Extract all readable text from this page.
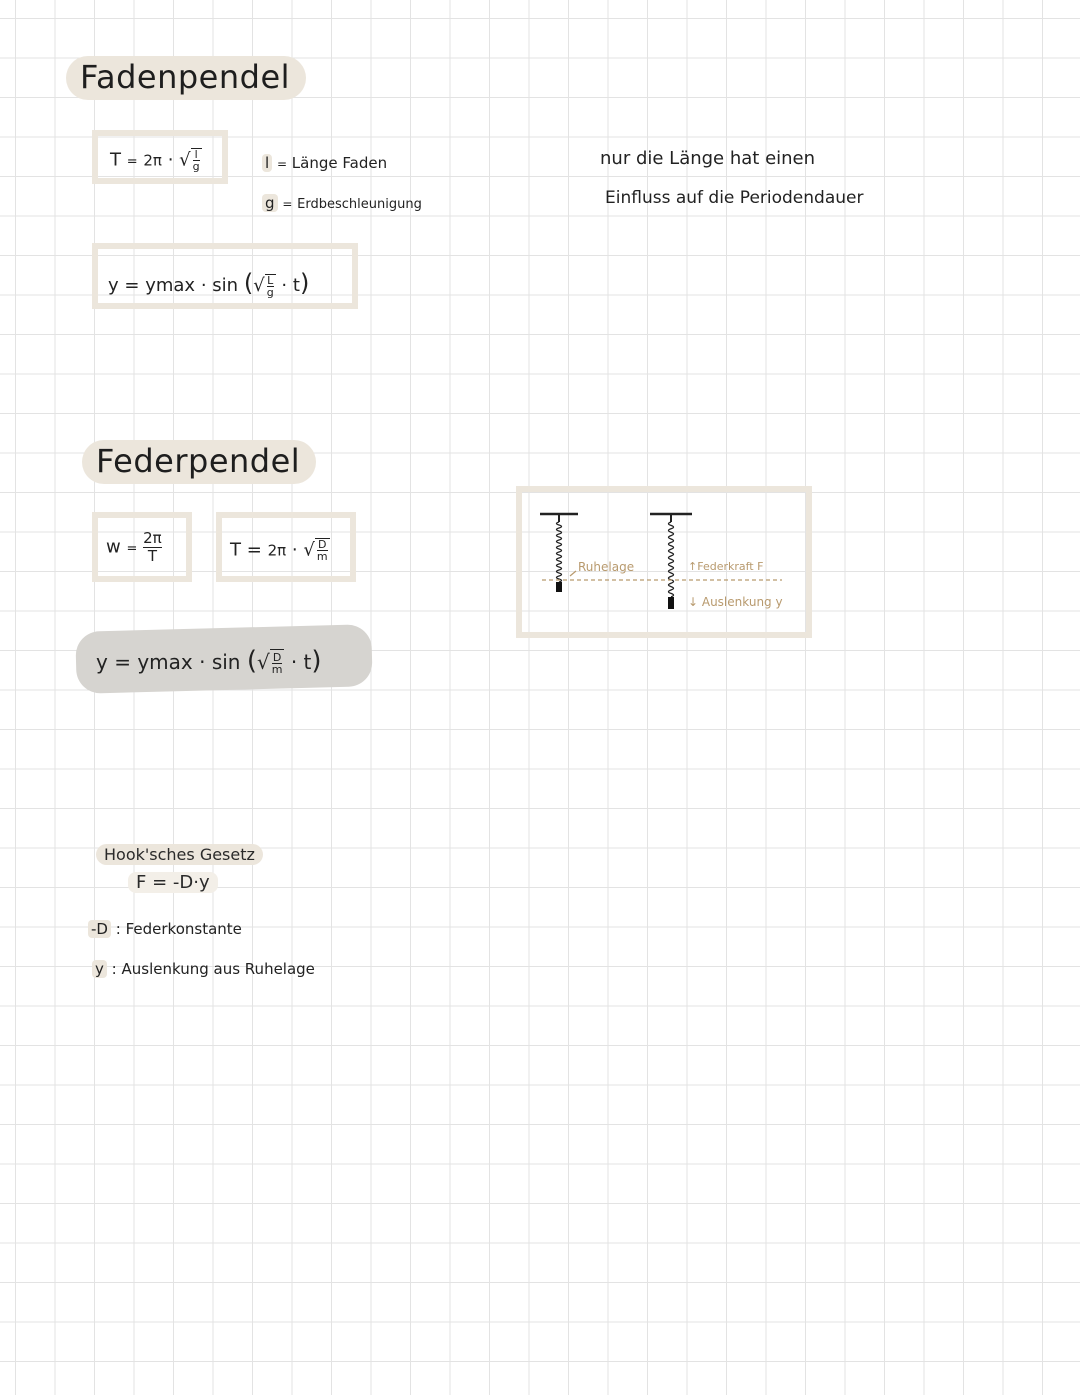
Fadenpendel
T = 2π · √ $\frac{l}{g}$	l = Länge Faden
g = Erdbeschleunigung
y = ymax · sin (√ $\frac{L}{g} \cdot t$)
nur die Länge hat einen
Einfluss auf die Periodendauer
Federpendel
$w = \frac{2\pi}{T}$	T = 2π · √ $\frac{D}{m}$
y = ymax · sin (√ $\frac{D}{m} \cdot t$)
Ruhelage	↑Federkraft F
↓ Auslenkung y
Hook'sches Gesetz
F = -D·y
-D : Federkonstante
y : Auslenkung aus Ruhelage
